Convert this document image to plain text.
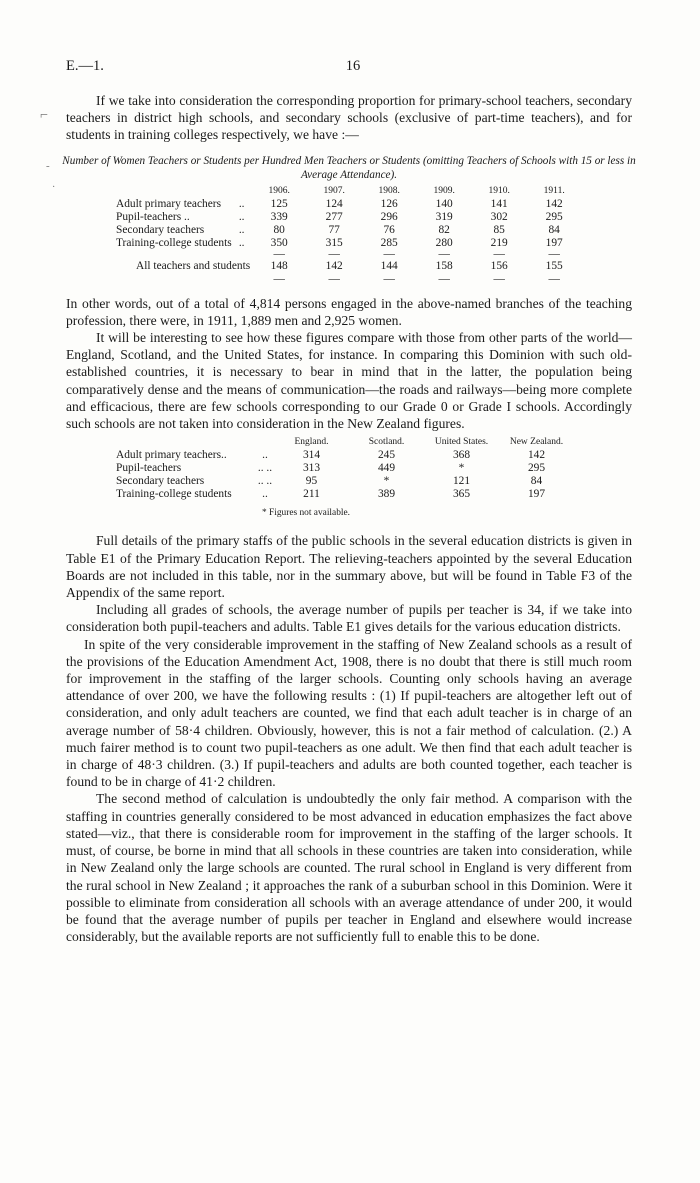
E.—1.	16
⌐
-
·

If we take into consideration the corresponding proportion for primary-school teachers, secondary teachers in district high schools, and secondary schools (exclusive of part-time teachers), and for students in training colleges respectively, we have :—

Number of Women Teachers or Students per Hundred Men Teachers or Students (omitting Teachers of Schools with 15 or less in Average Attendance).
		1906.	1907.	1908.	1909.	1910.	1911.
Adult primary teachers	..	125	124	126	140	141	142
Pupil-teachers ..	..	339	277	296	319	302	295
Secondary teachers	..	80	77	76	82	85	84
Training-college students	..	350	315	285	280	219	197
		—	—	—	—	—	—
All teachers and students		148	142	144	158	156	155
		—	—	—	—	—	—

In other words, out of a total of 4,814 persons engaged in the above-named branches of the teaching profession, there were, in 1911, 1,889 men and 2,925 women.

It will be interesting to see how these figures compare with those from other parts of the world—England, Scotland, and the United States, for instance. In comparing this Dominion with such old-established countries, it is necessary to bear in mind that in the latter, the population being comparatively dense and the means of communication—the roads and railways—being more complete and efficacious, there are few schools corresponding to our Grade 0 or Grade I schools. Accordingly such schools are not taken into consideration in the New Zealand figures.

		England.	Scotland.	United States.	New Zealand.
Adult primary teachers..	..	314	245	368	142
Pupil-teachers	.. ..	313	449	*	295
Secondary teachers	.. ..	95	*	121	84
Training-college students	..	211	389	365	197
* Figures not available.

Full details of the primary staffs of the public schools in the several education districts is given in Table E1 of the Primary Education Report. The relieving-teachers appointed by the several Education Boards are not included in this table, nor in the summary above, but will be found in Table F3 of the Appendix of the same report.

Including all grades of schools, the average number of pupils per teacher is 34, if we take into consideration both pupil-teachers and adults. Table E1 gives details for the various education districts.

In spite of the very considerable improvement in the staffing of New Zealand schools as a result of the provisions of the Education Amendment Act, 1908, there is no doubt that there is still much room for improvement in the staffing of the larger schools. Counting only schools having an average attendance of over 200, we have the following results : (1) If pupil-teachers are altogether left out of consideration, and only adult teachers are counted, we find that each adult teacher is in charge of an average number of 58·4 children. Obviously, however, this is not a fair method of calculation. (2.) A much fairer method is to count two pupil-teachers as one adult. We then find that each adult teacher is in charge of 48·3 children. (3.) If pupil-teachers and adults are both counted together, each teacher is found to be in charge of 41·2 children.

The second method of calculation is undoubtedly the only fair method. A comparison with the staffing in countries generally considered to be most advanced in education emphasizes the fact above stated—viz., that there is considerable room for improvement in the staffing of the larger schools. It must, of course, be borne in mind that all schools in these countries are taken into consideration, while in New Zealand only the large schools are counted. The rural school in England is very different from the rural school in New Zealand ; it approaches the rank of a suburban school in this Dominion. Were it possible to eliminate from consideration all schools with an average attendance of under 200, it would be found that the average number of pupils per teacher in England and elsewhere would increase considerably, but the available reports are not sufficiently full to enable this to be done.
